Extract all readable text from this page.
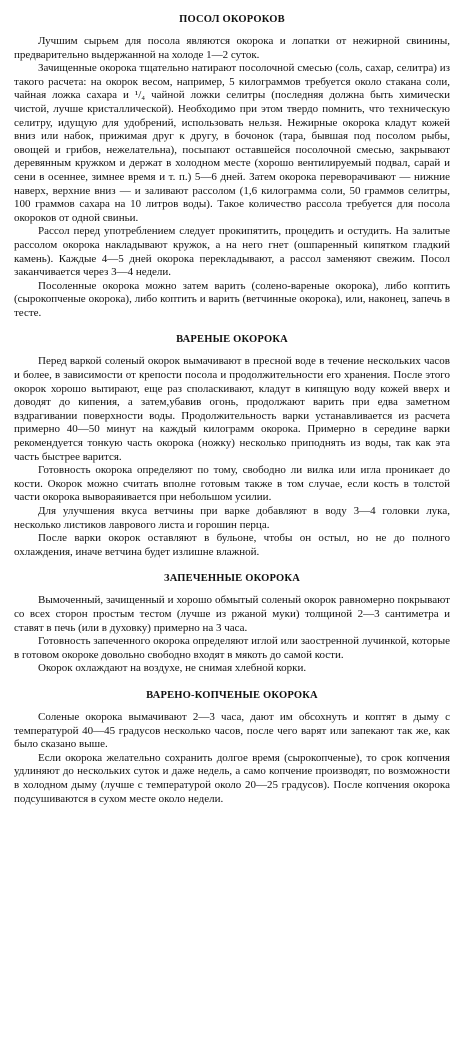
ПОСОЛ ОКОРОКОВ

Лучшим сырьем для посола являются окорока и лопатки от нежирной свинины, предварительно выдержанной на холоде 1—2 суток.

Зачищенные окорока тщательно натирают посолочной смесью (соль, сахар, селитра) из такого расчета: на окорок весом, например, 5 килограммов требуется около стакана соли, чайная ложка сахара и ¹/₄ чайной ложки селитры (последняя должна быть химически чистой, лучше кристаллической). Необходимо при этом твердо помнить, что техническую селитру, идущую для удобрений, использовать нельзя. Нежирные окорока кладут кожей вниз или набок, прижимая друг к другу, в бочонок (тара, бывшая под посолом рыбы, овощей и грибов, нежелательна), посыпают оставшейся посолочной смесью, закрывают деревянным кружком и держат в холодном месте (хорошо вентилируемый подвал, сарай и сени в осеннее, зимнее время и т. п.) 5—6 дней. Затем окорока переворачивают — нижние наверх, верхние вниз — и заливают рассолом (1,6 килограмма соли, 50 граммов селитры, 100 граммов сахара на 10 литров воды). Такое количество рассола требуется для посола окороков от одной свиньи.

Рассол перед употреблением следует прокипятить, процедить и остудить. На залитые рассолом окорока накладывают кружок, а на него гнет (ошпаренный кипятком гладкий камень). Каждые 4—5 дней окорока перекладывают, а рассол заменяют свежим. Посол заканчивается через 3—4 недели.

Посоленные окорока можно затем варить (солено-вареные окорока), либо коптить (сырокопченые окорока), либо коптить и варить (ветчинные окорока), или, наконец, запечь в тесте.

ВАРЕНЫЕ ОКОРОКА

Перед варкой соленый окорок вымачивают в пресной воде в течение нескольких часов и более, в зависимости от крепости посола и продолжительности его хранения. После этого окорок хорошо вытирают, еще раз споласкивают, кладут в кипящую воду кожей вверх и доводят до кипения, а затем,убавив огонь, продолжают варить при едва заметном вздрагивании поверхности воды. Продолжительность варки устанавливается из расчета примерно 40—50 минут на каждый килограмм окорока. Примерно в середине варки рекомендуется тонкую часть окорока (ножку) несколько приподнять из воды, так как эта часть быстрее варится.

Готовность окорока определяют по тому, свободно ли вилка или игла проникает до кости. Окорок можно считать вполне готовым также в том случае, если кость в толстой части окорока вывораяивается при небольшом усилии.

Для улучшения вкуса ветчины при варке добавляют в воду 3—4 головки лука, несколько листиков лаврового листа и горошин перца.

После варки окорок оставляют в бульоне, чтобы он остыл, но не до полного охлаждения, иначе ветчина будет излишне влажной.

ЗАПЕЧЕННЫЕ ОКОРОКА

Вымоченный, зачищенный и хорошо обмытый соленый окорок равномерно покрывают со всех сторон простым тестом (лучше из ржаной муки) толщиной 2—3 сантиметра и ставят в печь (или в духовку) примерно на 3 часа.

Готовность запеченного окорока определяют иглой или заостренной лучинкой, которые в готовом окороке довольно свободно входят в мякоть до самой кости.

Окорок охлаждают на воздухе, не снимая хлебной корки.

ВАРЕНО-КОПЧЕНЫЕ ОКОРОКА

Соленые окорока вымачивают 2—3 часа, дают им обсохнуть и коптят в дыму с температурой 40—45 градусов несколько часов, после чего варят или запекают так же, как было сказано выше.

Если окорока желательно сохранить долгое время (сырокопченые), то срок копчения удлиняют до нескольких суток и даже недель, а само копчение производят, по возможности в холодном дыму (лучше с температурой около 20—25 градусов). После копчения окорока подсушиваются в сухом месте около недели.
